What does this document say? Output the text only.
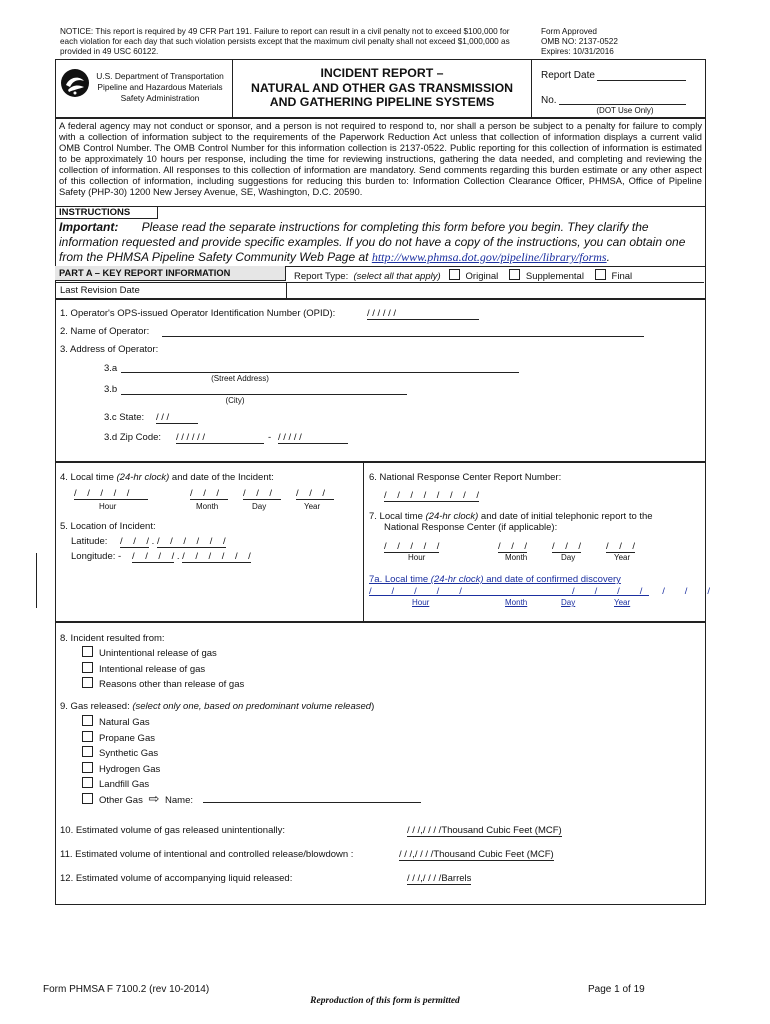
NOTICE: This report is required by 49 CFR Part 191. Failure to report can result in a civil penalty not to exceed $100,000 for each violation for each day that such violation persists except that the maximum civil penalty shall not exceed $1,000,000 as provided in 49 USC 60122.
Form Approved
OMB NO: 2137-0522
Expires: 10/31/2016
U.S. Department of Transportation
Pipeline and Hazardous Materials
Safety Administration
INCIDENT REPORT –
NATURAL AND OTHER GAS TRANSMISSION
AND GATHERING PIPELINE SYSTEMS
Report Date
No.
(DOT Use Only)
A federal agency may not conduct or sponsor, and a person is not required to respond to, nor shall a person be subject to a penalty for failure to comply with a collection of information subject to the requirements of the Paperwork Reduction Act unless that collection of information displays a current valid OMB Control Number. The OMB Control Number for this information collection is 2137-0522. Public reporting for this collection of information is estimated to be approximately 10 hours per response, including the time for reviewing instructions, gathering the data needed, and completing and reviewing the collection of information. All responses to this collection of information are mandatory. Send comments regarding this burden estimate or any other aspect of this collection of information, including suggestions for reducing this burden to: Information Collection Clearance Officer, PHMSA, Office of Pipeline Safety (PHP-30) 1200 New Jersey Avenue, SE, Washington, D.C. 20590.
INSTRUCTIONS
Important: Please read the separate instructions for completing this form before you begin. They clarify the information requested and provide specific examples. If you do not have a copy of the instructions, you can obtain one from the PHMSA Pipeline Safety Community Web Page at http://www.phmsa.dot.gov/pipeline/library/forms.
PART A – KEY REPORT INFORMATION	Report Type: (select all that apply)	Original	Supplemental	Final
Last Revision Date
1. Operator's OPS-issued Operator Identification Number (OPID):	/ / / / / /
2. Name of Operator:
3. Address of Operator:
3.a
(Street Address)
3.b
(City)
3.c State: / / /
3.d Zip Code: / / / / / /	- / / / / /
4. Local time (24-hr clock) and date of the Incident:
/    /    /    /    /	/    /    /	/    /    /	/    /    /
Hour	Month	Day	Year
5. Location of Incident:
Latitude: /    /    / . /    /    /    /    /    /
Longitude: - /    /    /    / . /    /    /    /    /    /
6. National Response Center Report Number:
/    /    /    /    /    /    /    /
7. Local time (24-hr clock) and date of initial telephonic report to the
National Response Center (if applicable):
/    /    /    /    /	/    /    /	/    /    /	/    /    /
Hour	Month	Day	Year
7a. Local time (24-hr clock) and date of confirmed discovery
/   /   /   /   /                   /   /   /   /   /   /   /
Hour	Month	Day	Year
8. Incident resulted from:
Unintentional release of gas
Intentional release of gas
Reasons other than release of gas
9. Gas released: (select only one, based on predominant volume released)
Natural Gas
Propane Gas
Synthetic Gas
Hydrogen Gas
Landfill Gas
Other Gas ⇨ Name:
10. Estimated volume of gas released unintentionally:	/ / /,/ / / /Thousand Cubic Feet (MCF)
11. Estimated volume of intentional and controlled release/blowdown :	/ / /,/ / / /Thousand Cubic Feet (MCF)
12. Estimated volume of accompanying liquid released:	/ / /,/ / / /Barrels
Form PHMSA F 7100.2 (rev 10-2014)	Page 1 of 19
Reproduction of this form is permitted
